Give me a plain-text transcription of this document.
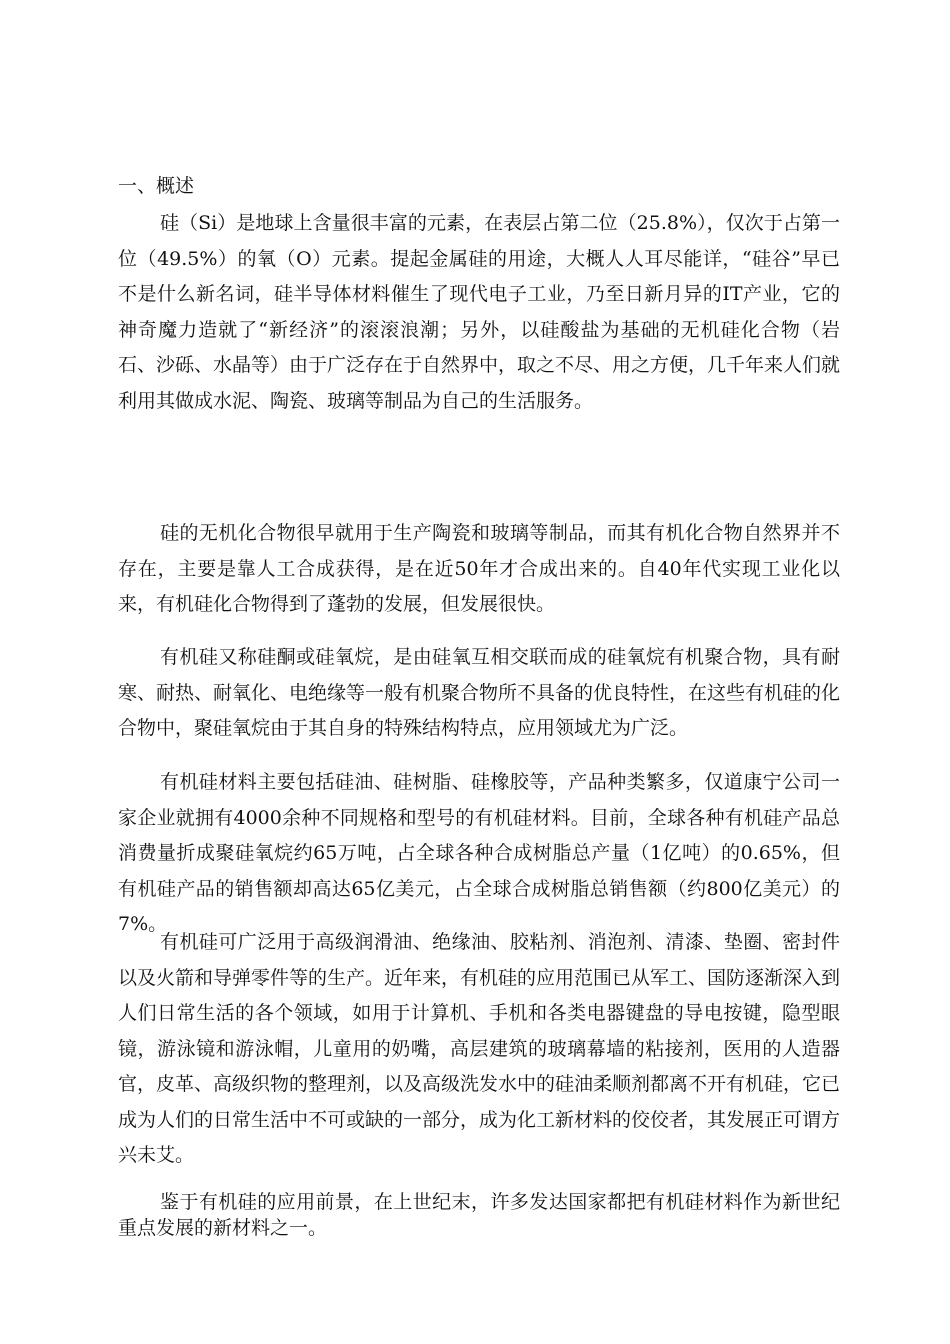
一、概述

硅（Si）是地球上含量很丰富的元素，在表层占第二位（25.8%），仅次于占第一位（49.5%）的氧（O）元素。提起金属硅的用途，大概人人耳尽能详，“硅谷”早已不是什么新名词，硅半导体材料催生了现代电子工业，乃至日新月异的IT产业，它的神奇魔力造就了“新经济”的滚滚浪潮；另外，以硅酸盐为基础的无机硅化合物（岩石、沙砾、水晶等）由于广泛存在于自然界中，取之不尽、用之方便，几千年来人们就利用其做成水泥、陶瓷、玻璃等制品为自己的生活服务。

硅的无机化合物很早就用于生产陶瓷和玻璃等制品，而其有机化合物自然界并不存在，主要是靠人工合成获得，是在近50年才合成出来的。自40年代实现工业化以来，有机硅化合物得到了蓬勃的发展，但发展很快。

有机硅又称硅酮或硅氧烷，是由硅氧互相交联而成的硅氧烷有机聚合物，具有耐寒、耐热、耐氧化、电绝缘等一般有机聚合物所不具备的优良特性，在这些有机硅的化合物中，聚硅氧烷由于其自身的特殊结构特点，应用领域尤为广泛。

有机硅材料主要包括硅油、硅树脂、硅橡胶等，产品种类繁多，仅道康宁公司一家企业就拥有4000余种不同规格和型号的有机硅材料。目前，全球各种有机硅产品总消费量折成聚硅氧烷约65万吨，占全球各种合成树脂总产量（1亿吨）的0.65%，但有机硅产品的销售额却高达65亿美元，占全球合成树脂总销售额（约800亿美元）的7%。

有机硅可广泛用于高级润滑油、绝缘油、胶粘剂、消泡剂、清漆、垫圈、密封件以及火箭和导弹零件等的生产。近年来，有机硅的应用范围已从军工、国防逐渐深入到人们日常生活的各个领域，如用于计算机、手机和各类电器键盘的导电按键，隐型眼镜，游泳镜和游泳帽，儿童用的奶嘴，高层建筑的玻璃幕墙的粘接剂，医用的人造器官，皮革、高级织物的整理剂，以及高级洗发水中的硅油柔顺剂都离不开有机硅，它已成为人们的日常生活中不可或缺的一部分，成为化工新材料的佼佼者，其发展正可谓方兴未艾。

鉴于有机硅的应用前景，在上世纪末，许多发达国家都把有机硅材料作为新世纪重点发展的新材料之一。
